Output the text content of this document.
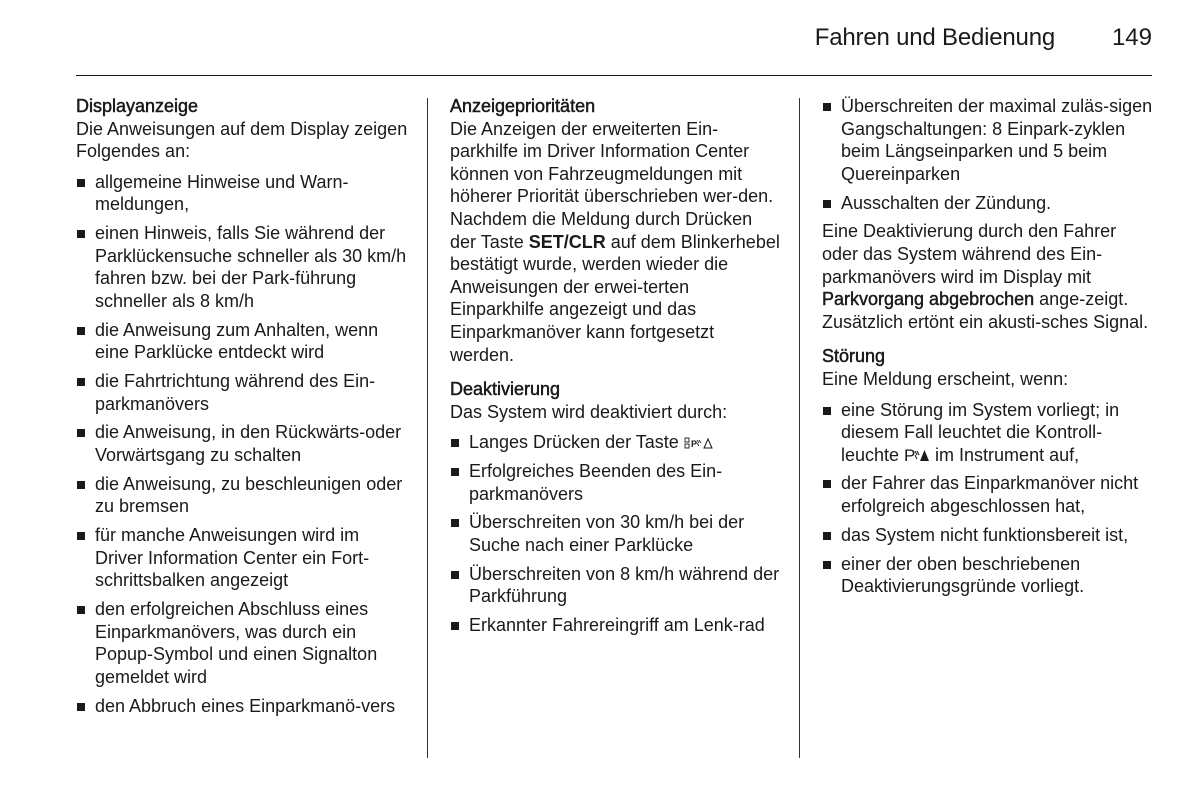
Fahren und Bedienung 149

Displayanzeige

Die Anweisungen auf dem Display zeigen Folgendes an:

allgemeine Hinweise und Warn-meldungen,
einen Hinweis, falls Sie während der Parklückensuche schneller als 30 km/h fahren bzw. bei der Park-führung schneller als 8 km/h
die Anweisung zum Anhalten, wenn eine Parklücke entdeckt wird
die Fahrtrichtung während des Ein-parkmanövers
die Anweisung, in den Rückwärts-oder Vorwärtsgang zu schalten
die Anweisung, zu beschleunigen oder zu bremsen
für manche Anweisungen wird im Driver Information Center ein Fort-schrittsbalken angezeigt
den erfolgreichen Abschluss eines Einparkmanövers, was durch ein Popup-Symbol und einen Signalton gemeldet wird
den Abbruch eines Einparkmanö-vers

Anzeigeprioritäten

Die Anzeigen der erweiterten Ein-parkhilfe im Driver Information Center können von Fahrzeugmeldungen mit höherer Priorität überschrieben wer-den. Nachdem die Meldung durch Drücken der Taste SET/CLR auf dem Blinkerhebel bestätigt wurde, werden wieder die Anweisungen der erwei-terten Einparkhilfe angezeigt und das Einparkmanöver kann fortgesetzt werden.

Deaktivierung

Das System wird deaktiviert durch:

Langes Drücken der Taste P
Erfolgreiches Beenden des Ein-parkmanövers
Überschreiten von 30 km/h bei der Suche nach einer Parklücke
Überschreiten von 8 km/h während der Parkführung
Erkannter Fahrereingriff am Lenk-rad
Überschreiten der maximal zuläs-sigen Gangschaltungen: 8 Einpark-zyklen beim Längseinparken und 5 beim Quereinparken
Ausschalten der Zündung.

Eine Deaktivierung durch den Fahrer oder das System während des Ein-parkmanövers wird im Display mit Parkvorgang abgebrochen ange-zeigt. Zusätzlich ertönt ein akusti-sches Signal.

Störung

Eine Meldung erscheint, wenn:

eine Störung im System vorliegt; in diesem Fall leuchtet die Kontroll-leuchte P im Instrument auf,
der Fahrer das Einparkmanöver nicht erfolgreich abgeschlossen hat,
das System nicht funktionsbereit ist,
einer der oben beschriebenen Deaktivierungsgründe vorliegt.
